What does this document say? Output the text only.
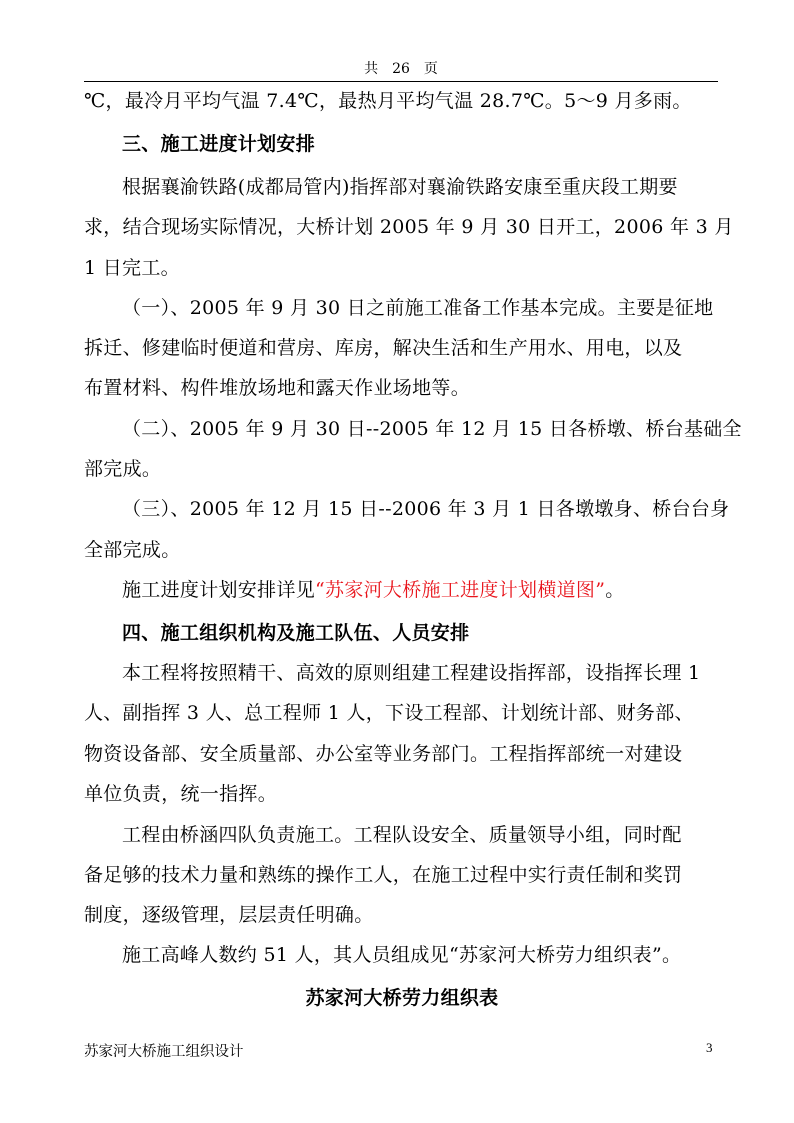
共 26 页
℃，最冷月平均气温 7.4℃，最热月平均气温 28.7℃。5～9 月多雨。
三、施工进度计划安排
根据襄渝铁路(成都局管内)指挥部对襄渝铁路安康至重庆段工期要
求，结合现场实际情况，大桥计划 2005 年 9 月 30 日开工，2006 年 3 月
1 日完工。
（一）、2005 年 9 月 30 日之前施工准备工作基本完成。主要是征地
拆迁、修建临时便道和营房、库房，解决生活和生产用水、用电，以及
布置材料、构件堆放场地和露天作业场地等。
（二）、2005 年 9 月 30 日--2005 年 12 月 15 日各桥墩、桥台基础全
部完成。
（三）、2005 年 12 月 15 日--2006 年 3 月 1 日各墩墩身、桥台台身
全部完成。
施工进度计划安排详见“苏家河大桥施工进度计划横道图”。
四、施工组织机构及施工队伍、人员安排
本工程将按照精干、高效的原则组建工程建设指挥部，设指挥长理 1
人、副指挥 3 人、总工程师 1 人，下设工程部、计划统计部、财务部、
物资设备部、安全质量部、办公室等业务部门。工程指挥部统一对建设
单位负责，统一指挥。
工程由桥涵四队负责施工。工程队设安全、质量领导小组，同时配
备足够的技术力量和熟练的操作工人，在施工过程中实行责任制和奖罚
制度，逐级管理，层层责任明确。
施工高峰人数约 51 人，其人员组成见“苏家河大桥劳力组织表”。
苏家河大桥劳力组织表
苏家河大桥施工组织设计	3
